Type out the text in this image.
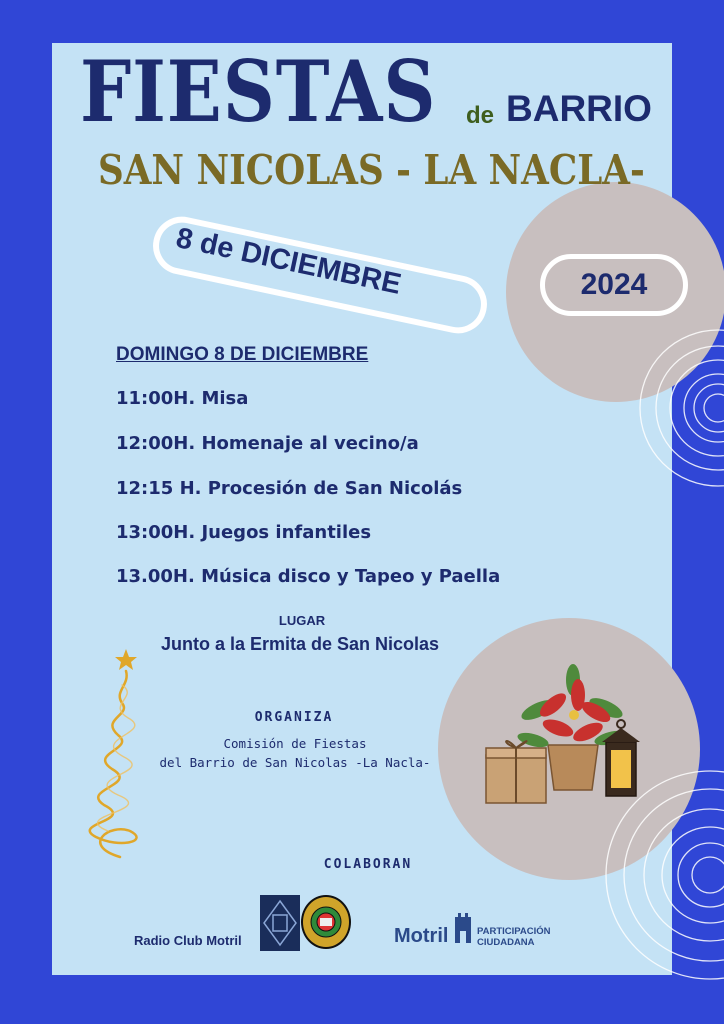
2024
FIESTAS de BARRIO
SAN NICOLAS - LA NACLA-
8 de DICIEMBRE
DOMINGO 8 DE DICIEMBRE
11:00H. Misa
12:00H. Homenaje al vecino/a
12:15 H. Procesión de San Nicolás
13:00H. Juegos infantiles
13.00H. Música disco y Tapeo y Paella
LUGAR
Junto a la Ermita de San Nicolas
ORGANIZA
Comisión de Fiestas
del Barrio de San Nicolas -La Nacla-
COLABORAN
Radio Club Motril	Motril	PARTICIPACIÓN
CIUDADANA
